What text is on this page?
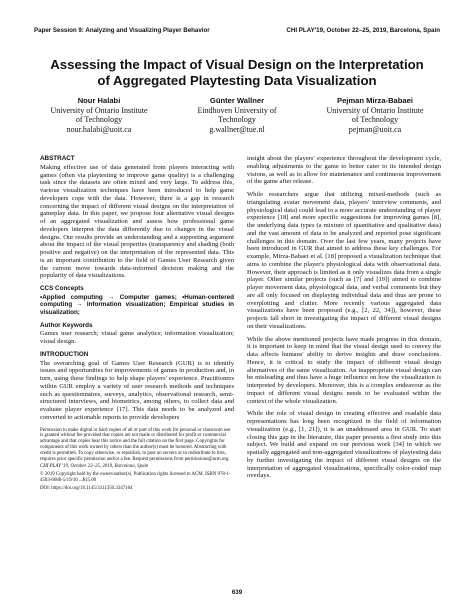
Paper Session 9: Analyzing and Visualizing Player Behavior	CHI PLAY'19, October 22–25, 2019, Barcelona, Spain
Assessing the Impact of Visual Design on the Interpretation
of Aggregated Playtesting Data Visualization
Nour Halabi
University of Ontario Institute
of Technology
nour.halabi@uoit.ca
Günter Wallner
Eindhoven University of
Technology
g.wallner@tue.nl
Pejman Mirza-Babaei
University of Ontario Institute
of Technology
pejman@uoit.ca
ABSTRACT
Making effective use of data generated from players interacting with games (often via playtesting to improve game quality) is a challenging task since the datasets are often mixed and very large. To address this, various visualization techniques have been introduced to help game developers cope with the data. However, there is a gap in research concerning the impact of different visual designs on the interpretation of gameplay data. In this paper, we propose four alternative visual designs of an aggregated visualization and assess how professional game developers interpret the data differently due to changes in the visual designs. Our results provide an understanding and a supporting argument about the impact of the visual properties (transparency and shading (both positive and negative) on the interpretation of the represented data. This is an important contribution to the field of Games User Research given the current move towards data-informed decision making and the popularity of data visualizations.
CCS Concepts
•Applied computing → Computer games; •Human-centered computing → Information visualization; Empirical studies in visualization;
Author Keywords
Games user research; visual game analytics; information visualization; visual design.
INTRODUCTION
The overarching goal of Games User Research (GUR) is to identify issues and opportunities for improvements of games in production and, in turn, using these findings to help shape players' experience. Practitioners within GUR employ a variety of user research methods and techniques such as questionnaires, surveys, analytics, observational research, semi-structured interviews, and biometrics, among others, to collect data and evaluate player experience [17]. This data needs to be analyzed and converted to actionable reports to provide developers
Permission to make digital or hard copies of all or part of this work for personal or classroom use is granted without fee provided that copies are not made or distributed for profit or commercial advantage and that copies bear this notice and the full citation on the first page. Copyrights for components of this work owned by others than the author(s) must be honored. Abstracting with credit is permitted. To copy otherwise, or republish, to post on servers or to redistribute to lists, requires prior specific permission and/or a fee. Request permissions from permissions@acm.org.
CHI PLAY '19, October 22–25, 2019, Barcelona, Spain
© 2019 Copyright held by the owner/author(s). Publication rights licensed to ACM. ISBN 978-1-4503-6688-5/19/10 ...$15.00
DOI: https://doi.org/10.1145/3311350.3347164
insight about the players' experience throughout the development cycle, enabling adjustments to the game to better cater to its intended design visions, as well as to allow for maintenance and continuous improvement of the game after release.
While researchers argue that utilizing mixed-methods (such as triangulating avatar movement data, players' interview comments, and physiological data) could lead to a more accurate understanding of player experience [18] and more specific suggestions for improving games [8], the underlying data types (a mixture of quantitative and qualitative data) and the vast amount of data to be analyzed and reported pose significant challenges in this domain. Over the last few years, many projects have been introduced in GUR that aimed to address these key challenges. For example, Mirza-Babaei et al. [18] proposed a visualization technique that aims to combine the player's physiological data with observational data. However, their approach is limited as it only visualizes data from a single player. Other similar projects (such as [7] and [19]) aimed to combine player movement data, physiological data, and verbal comments but they are all only focused on displaying individual data and thus are prone to overplotting and clutter. More recently various aggregated data visualizations have been proposed (e.g., [2, 22, 34]), however, these projects fall short in investigating the impact of different visual designs on their visualizations.
While the above mentioned projects have made progress in this domain, it is important to keep in mind that the visual design used to convey the data affects humans' ability to derive insights and draw conclusions. Hence, it is critical to study the impact of different visual design alternatives of the same visualization. An inappropriate visual design can be misleading and thus have a huge influence on how the visualization is interpreted by developers. Moreover, this is a complex endeavour as the impact of different visual designs needs to be evaluated within the context of the whole visualization.
While the role of visual design in creating effective and readable data representations has long been recognized in the field of information visualization (e.g., [1, 21]), it is an unaddressed area in GUR. To start closing this gap in the literature, this paper presents a first study into this subject. We build and expand on our previous work [34] in which we spatially aggregated and non-aggregated visualizations of playtesting data by further investigating the impact of different visual designs on the interpretation of aggregated visualizations, specifically color-coded map overlays.
639
